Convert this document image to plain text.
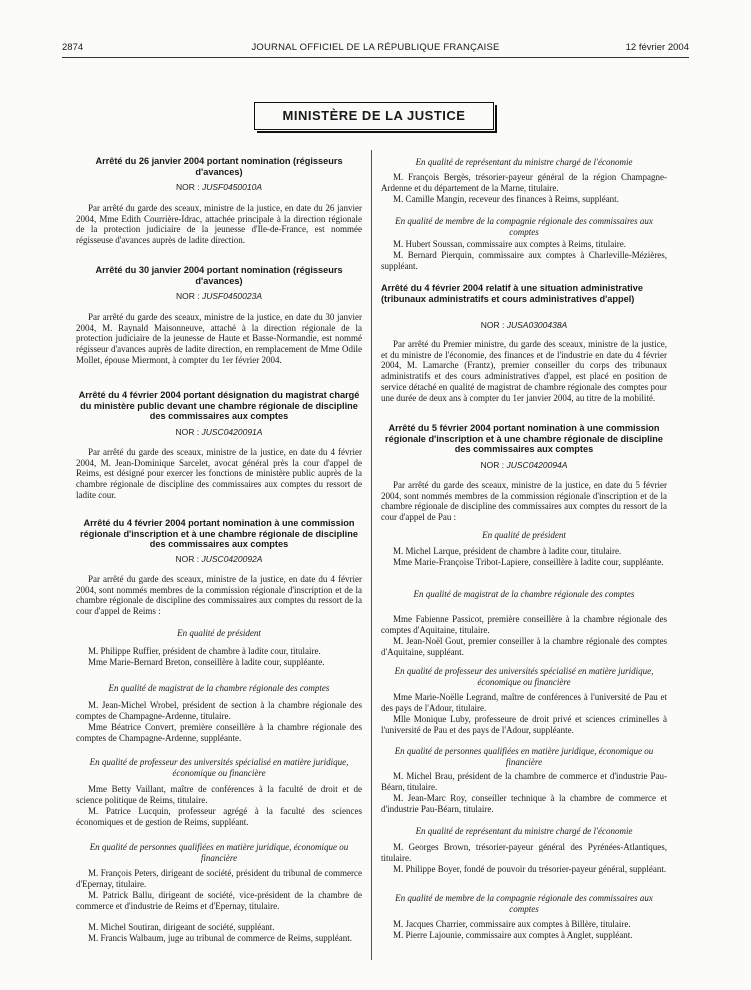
2874	JOURNAL OFFICIEL DE LA RÉPUBLIQUE FRANÇAISE	12 février 2004
MINISTÈRE DE LA JUSTICE
Arrêté du 26 janvier 2004 portant nomination (régisseurs d'avances)
NOR : JUSF0450010A

Par arrêté du garde des sceaux, ministre de la justice, en date du 26 janvier 2004, Mme Edith Courrière-Idrac, attachée principale à la direction régionale de la protection judiciaire de la jeunesse d'Ile-de-France, est nommée régisseuse d'avances auprès de ladite direction.

Arrêté du 30 janvier 2004 portant nomination (régisseurs d'avances)
NOR : JUSF0450023A

Par arrêté du garde des sceaux, ministre de la justice, en date du 30 janvier 2004, M. Raynald Maisonneuve, attaché à la direction régionale de la protection judiciaire de la jeunesse de Haute et Basse-Normandie, est nommé régisseur d'avances auprès de ladite direction, en remplacement de Mme Odile Mollet, épouse Miermont, à compter du 1er février 2004.

Arrêté du 4 février 2004 portant désignation du magistrat chargé du ministère public devant une chambre régionale de discipline des commissaires aux comptes
NOR : JUSC0420091A

Par arrêté du garde des sceaux, ministre de la justice, en date du 4 février 2004, M. Jean-Dominique Sarcelet, avocat général près la cour d'appel de Reims, est désigné pour exercer les fonctions de ministère public auprès de la chambre régionale de discipline des commissaires aux comptes du ressort de ladite cour.

Arrêté du 4 février 2004 portant nomination à une commission régionale d'inscription et à une chambre régionale de discipline des commissaires aux comptes
NOR : JUSC0420092A

Par arrêté du garde des sceaux, ministre de la justice, en date du 4 février 2004, sont nommés membres de la commission régionale d'inscription et de la chambre régionale de discipline des commissaires aux comptes du ressort de la cour d'appel de Reims :

En qualité de président

M. Philippe Ruffier, président de chambre à ladite cour, titulaire.

Mme Marie-Bernard Breton, conseillère à ladite cour, suppléante.

En qualité de magistrat de la chambre régionale des comptes

M. Jean-Michel Wrobel, président de section à la chambre régionale des comptes de Champagne-Ardenne, titulaire.

Mme Béatrice Convert, première conseillère à la chambre régionale des comptes de Champagne-Ardenne, suppléante.

En qualité de professeur des universités spécialisé en matière juridique, économique ou financière

Mme Betty Vaillant, maître de conférences à la faculté de droit et de science politique de Reims, titulaire.

M. Patrice Lucquin, professeur agrégé à la faculté des sciences économiques et de gestion de Reims, suppléant.

En qualité de personnes qualifiées en matière juridique, économique ou financière

M. François Peters, dirigeant de société, président du tribunal de commerce d'Epernay, titulaire.

M. Patrick Ballu, dirigeant de société, vice-président de la chambre de commerce et d'industrie de Reims et d'Epernay, titulaire.

M. Michel Soutiran, dirigeant de société, suppléant.

M. Francis Walbaum, juge au tribunal de commerce de Reims, suppléant.

En qualité de représentant du ministre chargé de l'économie

M. François Bergès, trésorier-payeur général de la région Champagne-Ardenne et du département de la Marne, titulaire.

M. Camille Mangin, receveur des finances à Reims, suppléant.

En qualité de membre de la compagnie régionale des commissaires aux comptes

M. Hubert Soussan, commissaire aux comptes à Reims, titulaire.

M. Bernard Pierquin, commissaire aux comptes à Charleville-Mézières, suppléant.

Arrêté du 4 février 2004 relatif à une situation administrative (tribunaux administratifs et cours administratives d'appel)
NOR : JUSA0300438A

Par arrêté du Premier ministre, du garde des sceaux, ministre de la justice, et du ministre de l'économie, des finances et de l'industrie en date du 4 février 2004, M. Lamarche (Frantz), premier conseiller du corps des tribunaux administratifs et des cours administratives d'appel, est placé en position de service détaché en qualité de magistrat de chambre régionale des comptes pour une durée de deux ans à compter du 1er janvier 2004, au titre de la mobilité.

Arrêté du 5 février 2004 portant nomination à une commission régionale d'inscription et à une chambre régionale de discipline des commissaires aux comptes
NOR : JUSC0420094A

Par arrêté du garde des sceaux, ministre de la justice, en date du 5 février 2004, sont nommés membres de la commission régionale d'inscription et de la chambre régionale de discipline des commissaires aux comptes du ressort de la cour d'appel de Pau :

En qualité de président

M. Michel Larque, président de chambre à ladite cour, titulaire.

Mme Marie-Françoise Tribot-Lapiere, conseillère à ladite cour, suppléante.

En qualité de magistrat de la chambre régionale des comptes

Mme Fabienne Passicot, première conseillère à la chambre régionale des comptes d'Aquitaine, titulaire.

M. Jean-Noël Gout, premier conseiller à la chambre régionale des comptes d'Aquitaine, suppléant.

En qualité de professeur des universités spécialisé en matière juridique, économique ou financière

Mme Marie-Noëlle Legrand, maître de conférences à l'université de Pau et des pays de l'Adour, titulaire.

Mlle Monique Luby, professeure de droit privé et sciences criminelles à l'université de Pau et des pays de l'Adour, suppléante.

En qualité de personnes qualifiées en matière juridique, économique ou financière

M. Michel Brau, président de la chambre de commerce et d'industrie Pau-Béarn, titulaire.

M. Jean-Marc Roy, conseiller technique à la chambre de commerce et d'industrie Pau-Béarn, titulaire.

En qualité de représentant du ministre chargé de l'économie

M. Georges Brown, trésorier-payeur général des Pyrénées-Atlantiques, titulaire.

M. Philippe Boyer, fondé de pouvoir du trésorier-payeur général, suppléant.

En qualité de membre de la compagnie régionale des commissaires aux comptes

M. Jacques Charrier, commissaire aux comptes à Billère, titulaire.

M. Pierre Lajounie, commissaire aux comptes à Anglet, suppléant.
